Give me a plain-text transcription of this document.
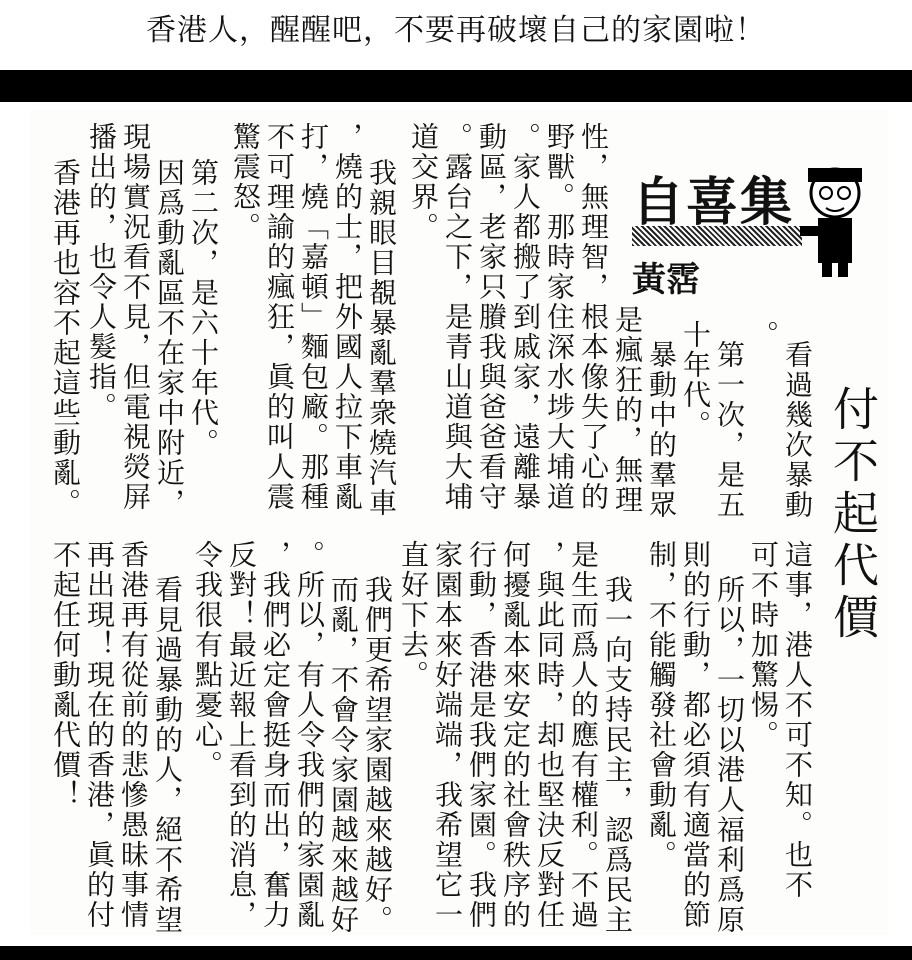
香港人，醒醒吧，不要再破壞自己的家園啦！
自喜集
黃霑
付不起代價
看過幾次暴動
。
第一次，是五
十年代。
暴動中的羣眾
是瘋狂的，無理
性，無理智，根本像失了心的
野獸。那時家住深水埗大埔道
。家人都搬了到戚家，遠離暴
動區，老家只賸我與爸爸看守
。露台之下，是青山道與大埔
道交界。
我親眼目覩暴亂羣衆燒汽車
，燒的士，把外國人拉下車亂
打，燒「嘉頓」麵包廠。那種
不可理諭的瘋狂，眞的叫人震
驚震怒。
第二次，是六十年代。
因爲動亂區不在家中附近，
現場實況看不見，但電視熒屏
播出的，也令人髮指。
香港再也容不起這些動亂。
這事，港人不可不知。也不
可不時加驚惕。
所以，一切以港人福利爲原
則的行動，都必須有適當的節
制，不能觸發社會動亂。
我一向支持民主，認爲民主
是生而爲人的應有權利。不過
，與此同時，却也堅決反對任
何擾亂本來安定的社會秩序的
行動，香港是我們家園。我們
家園本來好端端，我希望它一
直好下去。
我們更希望家園越來越好。
而亂，不會令家園越來越好
。所以，有人令我們的家園亂
，我們必定會挺身而出，奮力
反對！最近報上看到的消息，
令我很有點憂心。
看見過暴動的人，絕不希望
香港再有從前的悲慘愚昧事情
再出現！現在的香港，眞的付
不起任何動亂代價！
